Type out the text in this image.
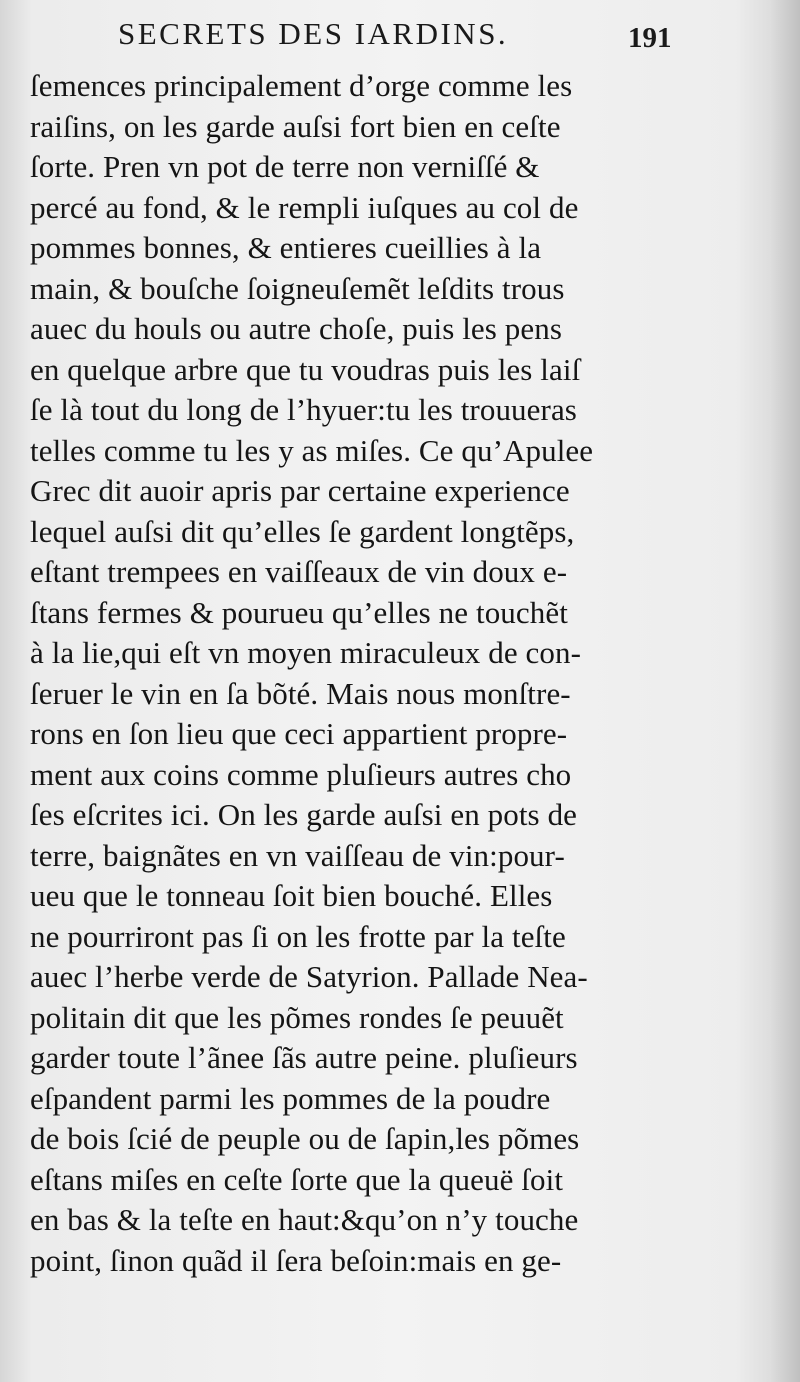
SECRETS DES IARDINS.	191
ſemences principalement d’orge comme les
raiſins, on les garde auſsi fort bien en ceſte
ſorte. Pren vn pot de terre non verniſſé &
percé au fond, & le rempli iuſques au col de
pommes bonnes, & entieres cueillies à la
main, & bouſche ſoigneuſemẽt leſdits trous
auec du houls ou autre choſe, puis les pens
en quelque arbre que tu voudras puis les laiſ
ſe là tout du long de l’hyuer:tu les trouueras
telles comme tu les y as miſes. Ce qu’Apulee
Grec dit auoir apris par certaine experience
lequel auſsi dit qu’elles ſe gardent longtẽps,
eſtant trempees en vaiſſeaux de vin doux e-
ſtans fermes & pourueu qu’elles ne touchẽt
à la lie,qui eſt vn moyen miraculeux de con-
ſeruer le vin en ſa bõté. Mais nous monſtre-
rons en ſon lieu que ceci appartient propre-
ment aux coins comme pluſieurs autres cho
ſes eſcrites ici. On les garde auſsi en pots de
terre, baignãtes en vn vaiſſeau de vin:pour-
ueu que le tonneau ſoit bien bouché. Elles
ne pourriront pas ſi on les frotte par la teſte
auec l’herbe verde de Satyrion. Pallade Nea-
politain dit que les põmes rondes ſe peuuẽt
garder toute l’ãnee ſãs autre peine. pluſieurs
eſpandent parmi les pommes de la poudre
de bois ſcié de peuple ou de ſapin,les põmes
eſtans miſes en ceſte ſorte que la queuë ſoit
en bas & la teſte en haut:&qu’on n’y touche
point, ſinon quãd il ſera beſoin:mais en ge-
